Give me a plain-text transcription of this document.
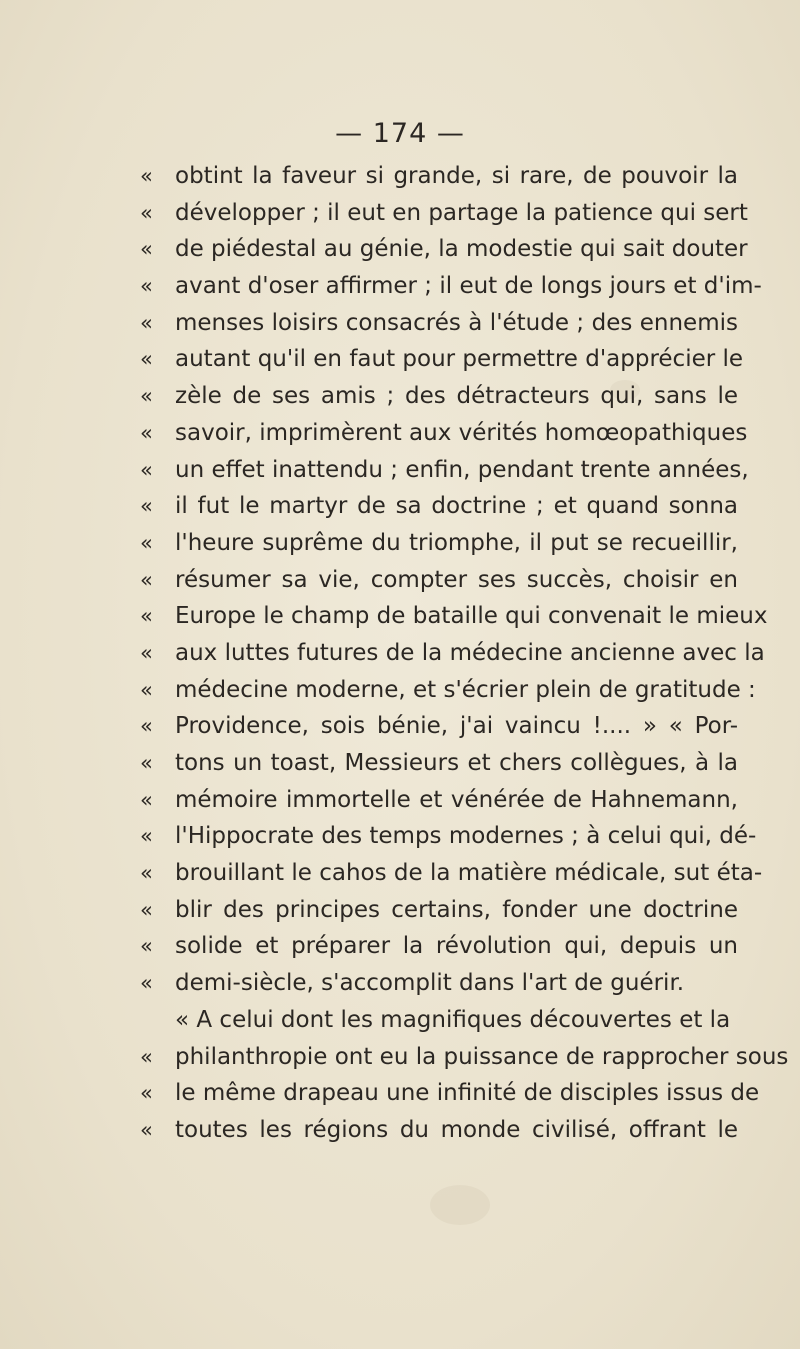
— 174 —
« obtint la faveur si grande, si rare, de pouvoir la
« développer ; il eut en partage la patience qui sert
« de piédestal au génie, la modestie qui sait douter
« avant d'oser affirmer ; il eut de longs jours et d'im-
« menses loisirs consacrés à l'étude ; des ennemis
« autant qu'il en faut pour permettre d'apprécier le
« zèle de ses amis ; des détracteurs qui, sans le
« savoir, imprimèrent aux vérités homœopathiques
« un effet inattendu ; enfin, pendant trente années,
« il fut le martyr de sa doctrine ; et quand sonna
« l'heure suprême du triomphe, il put se recueillir,
« résumer sa vie, compter ses succès, choisir en
« Europe le champ de bataille qui convenait le mieux
« aux luttes futures de la médecine ancienne avec la
« médecine moderne, et s'écrier plein de gratitude :
« Providence, sois bénie, j'ai vaincu !.... » « Por-
« tons un toast, Messieurs et chers collègues, à la
« mémoire immortelle et vénérée de Hahnemann,
« l'Hippocrate des temps modernes ; à celui qui, dé-
« brouillant le cahos de la matière médicale, sut éta-
« blir des principes certains, fonder une doctrine
« solide et préparer la révolution qui, depuis un
« demi-siècle, s'accomplit dans l'art de guérir.
« A celui dont les magnifiques découvertes et la
« philanthropie ont eu la puissance de rapprocher sous
« le même drapeau une infinité de disciples issus de
« toutes les régions du monde civilisé, offrant le
